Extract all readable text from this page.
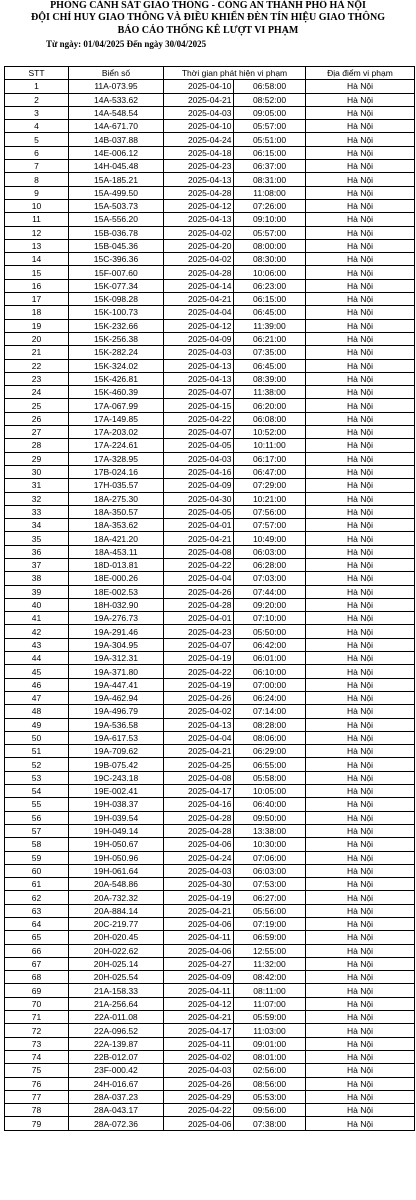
PHÒNG CẢNH SÁT GIAO THÔNG - CÔNG AN THÀNH PHỐ HÀ NỘI
ĐỘI CHỈ HUY GIAO THÔNG VÀ ĐIỀU KHIỂN ĐÈN TÍN HIỆU GIAO THÔNG
BÁO CÁO THỐNG KÊ LƯỢT VI PHẠM
Từ ngày: 01/04/2025 Đến ngày 30/04/2025
STT	Biển số	Thời gian phát hiện vi phạm		Địa điểm vi phạm
1	11A-073.95	2025-04-10	06:58:00	Hà Nội
2	14A-533.62	2025-04-21	08:52:00	Hà Nội
3	14A-548.54	2025-04-03	09:05:00	Hà Nội
4	14A-671.70	2025-04-10	05:57:00	Hà Nội
5	14B-037.88	2025-04-24	05:51:00	Hà Nội
6	14E-006.12	2025-04-18	06:15:00	Hà Nội
7	14H-045.48	2025-04-23	06:37:00	Hà Nội
8	15A-185.21	2025-04-13	08:31:00	Hà Nội
9	15A-499.50	2025-04-28	11:08:00	Hà Nội
10	15A-503.73	2025-04-12	07:26:00	Hà Nội
11	15A-556.20	2025-04-13	09:10:00	Hà Nội
12	15B-036.78	2025-04-02	05:57:00	Hà Nội
13	15B-045.36	2025-04-20	08:00:00	Hà Nội
14	15C-396.36	2025-04-02	08:30:00	Hà Nội
15	15F-007.60	2025-04-28	10:06:00	Hà Nội
16	15K-077.34	2025-04-14	06:23:00	Hà Nội
17	15K-098.28	2025-04-21	06:15:00	Hà Nội
18	15K-100.73	2025-04-04	06:45:00	Hà Nội
19	15K-232.66	2025-04-12	11:39:00	Hà Nội
20	15K-256.38	2025-04-09	06:21:00	Hà Nội
21	15K-282.24	2025-04-03	07:35:00	Hà Nội
22	15K-324.02	2025-04-13	06:45:00	Hà Nội
23	15K-426.81	2025-04-13	08:39:00	Hà Nội
24	15K-460.39	2025-04-07	11:38:00	Hà Nội
25	17A-067.99	2025-04-15	06:20:00	Hà Nội
26	17A-149.85	2025-04-22	06:08:00	Hà Nội
27	17A-203.02	2025-04-07	10:52:00	Hà Nội
28	17A-224.61	2025-04-05	10:11:00	Hà Nội
29	17A-328.95	2025-04-03	06:17:00	Hà Nội
30	17B-024.16	2025-04-16	06:47:00	Hà Nội
31	17H-035.57	2025-04-09	07:29:00	Hà Nội
32	18A-275.30	2025-04-30	10:21:00	Hà Nội
33	18A-350.57	2025-04-05	07:56:00	Hà Nội
34	18A-353.62	2025-04-01	07:57:00	Hà Nội
35	18A-421.20	2025-04-21	10:49:00	Hà Nội
36	18A-453.11	2025-04-08	06:03:00	Hà Nội
37	18D-013.81	2025-04-22	06:28:00	Hà Nội
38	18E-000.26	2025-04-04	07:03:00	Hà Nội
39	18E-002.53	2025-04-26	07:44:00	Hà Nội
40	18H-032.90	2025-04-28	09:20:00	Hà Nội
41	19A-276.73	2025-04-01	07:10:00	Hà Nội
42	19A-291.46	2025-04-23	05:50:00	Hà Nội
43	19A-304.95	2025-04-07	06:42:00	Hà Nội
44	19A-312.31	2025-04-19	06:01:00	Hà Nội
45	19A-371.80	2025-04-22	06:10:00	Hà Nội
46	19A-447.41	2025-04-19	07:00:00	Hà Nội
47	19A-462.94	2025-04-26	06:24:00	Hà Nội
48	19A-496.79	2025-04-02	07:14:00	Hà Nội
49	19A-536.58	2025-04-13	08:28:00	Hà Nội
50	19A-617.53	2025-04-04	08:06:00	Hà Nội
51	19A-709.62	2025-04-21	06:29:00	Hà Nội
52	19B-075.42	2025-04-25	06:55:00	Hà Nội
53	19C-243.18	2025-04-08	05:58:00	Hà Nội
54	19E-002.41	2025-04-17	10:05:00	Hà Nội
55	19H-038.37	2025-04-16	06:40:00	Hà Nội
56	19H-039.54	2025-04-28	09:50:00	Hà Nội
57	19H-049.14	2025-04-28	13:38:00	Hà Nội
58	19H-050.67	2025-04-06	10:30:00	Hà Nội
59	19H-050.96	2025-04-24	07:06:00	Hà Nội
60	19H-061.64	2025-04-03	06:03:00	Hà Nội
61	20A-548.86	2025-04-30	07:53:00	Hà Nội
62	20A-732.32	2025-04-19	06:27:00	Hà Nội
63	20A-884.14	2025-04-21	05:56:00	Hà Nội
64	20C-219.77	2025-04-06	07:19:00	Hà Nội
65	20H-020.45	2025-04-11	06:59:00	Hà Nội
66	20H-022.62	2025-04-06	12:55:00	Hà Nội
67	20H-025.14	2025-04-27	11:32:00	Hà Nội
68	20H-025.54	2025-04-09	08:42:00	Hà Nội
69	21A-158.33	2025-04-11	08:11:00	Hà Nội
70	21A-256.64	2025-04-12	11:07:00	Hà Nội
71	22A-011.08	2025-04-21	05:59:00	Hà Nội
72	22A-096.52	2025-04-17	11:03:00	Hà Nội
73	22A-139.87	2025-04-11	09:01:00	Hà Nội
74	22B-012.07	2025-04-02	08:01:00	Hà Nội
75	23F-000.42	2025-04-03	02:56:00	Hà Nội
76	24H-016.67	2025-04-26	08:56:00	Hà Nội
77	28A-037.23	2025-04-29	05:53:00	Hà Nội
78	28A-043.17	2025-04-22	09:56:00	Hà Nội
79	28A-072.36	2025-04-06	07:38:00	Hà Nội
